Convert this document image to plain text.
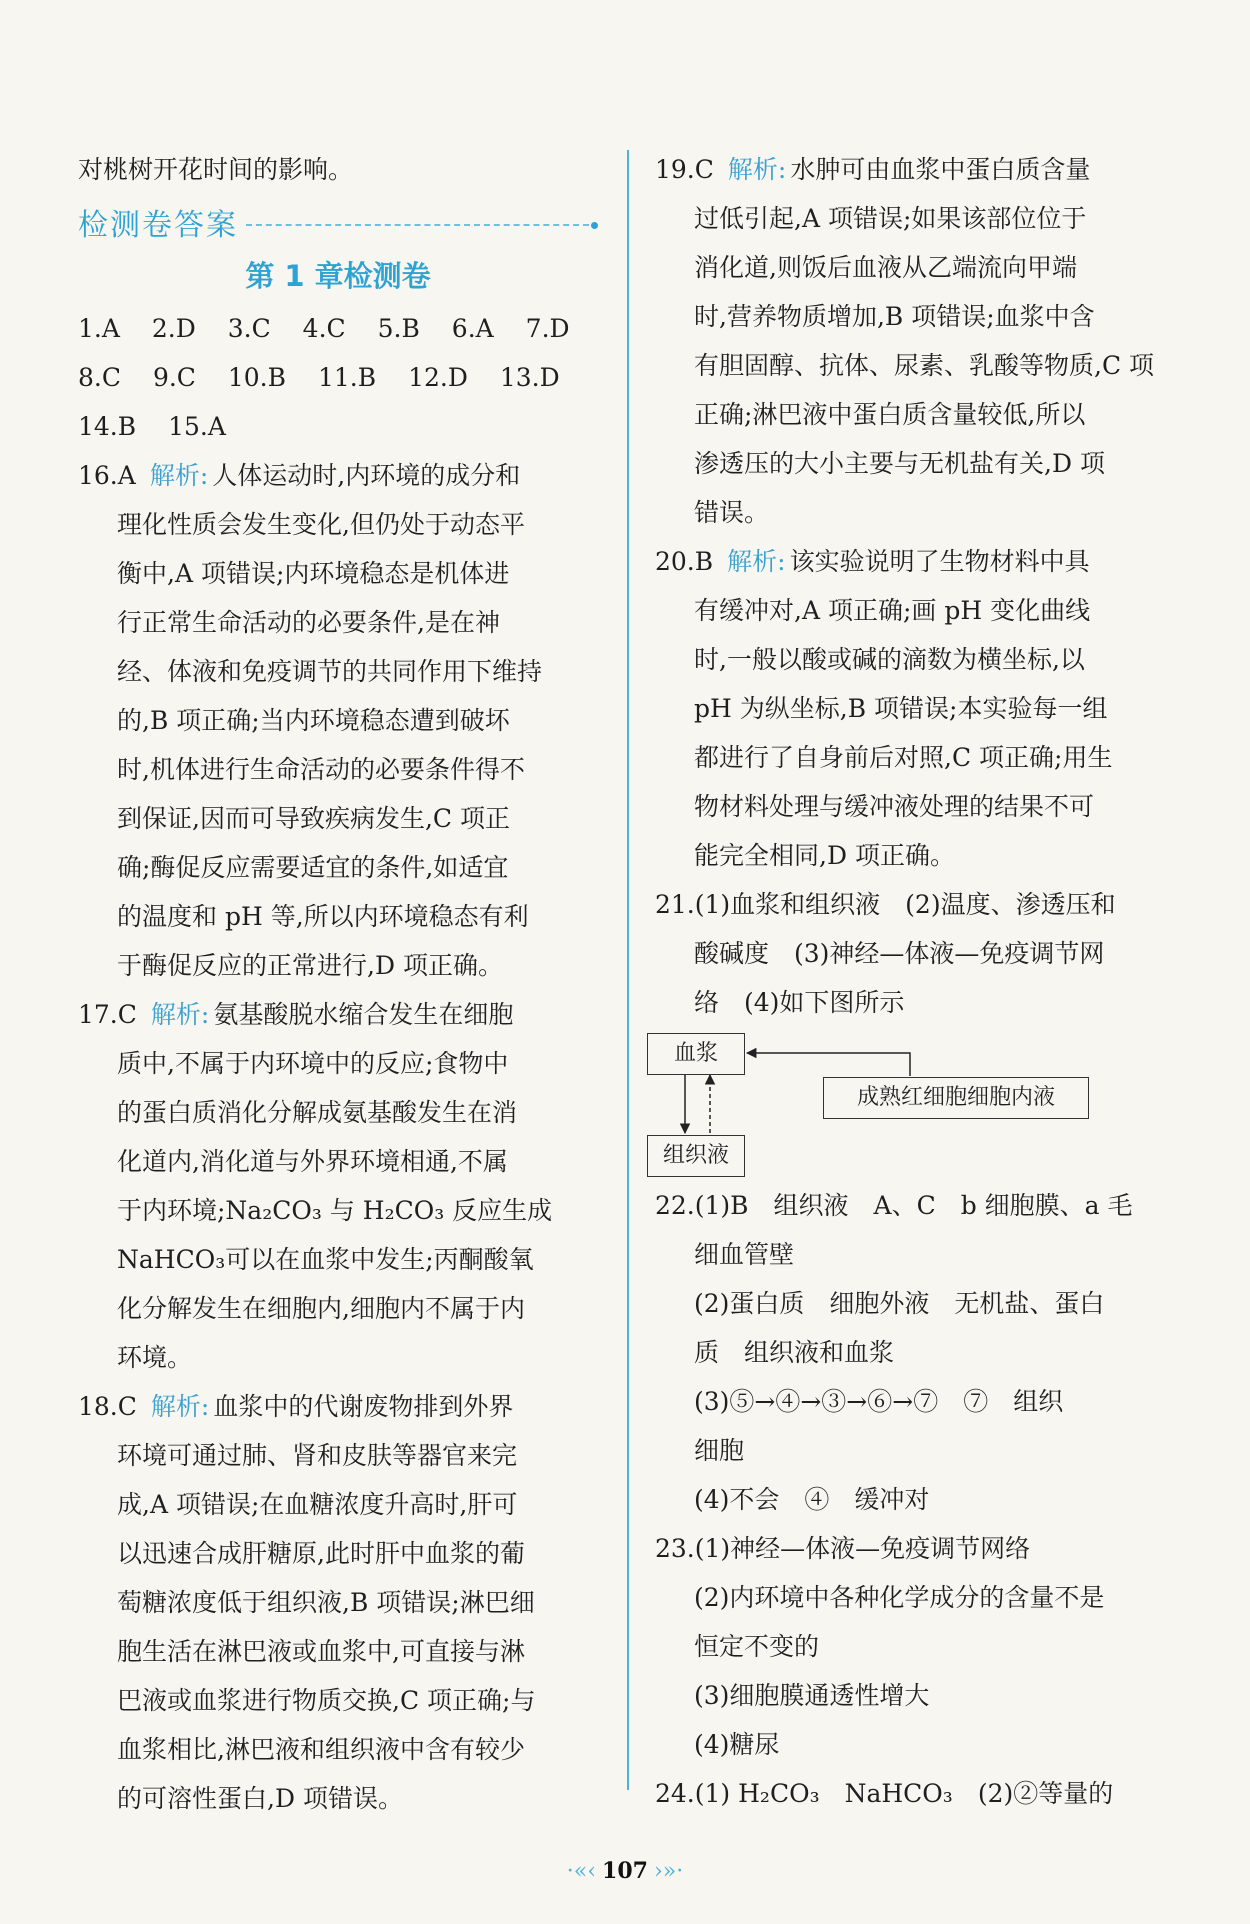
对桃树开花时间的影响。
检测卷答案
第 1 章检测卷
1.A 2.D 3.C 4.C 5.B 6.A 7.D
8.C 9.C 10.B 11.B 12.D 13.D
14.B 15.A
16.A 解析: 人体运动时,内环境的成分和
理化性质会发生变化,但仍处于动态平
衡中,A 项错误;内环境稳态是机体进
行正常生命活动的必要条件,是在神
经、体液和免疫调节的共同作用下维持
的,B 项正确;当内环境稳态遭到破坏
时,机体进行生命活动的必要条件得不
到保证,因而可导致疾病发生,C 项正
确;酶促反应需要适宜的条件,如适宜
的温度和 pH 等,所以内环境稳态有利
于酶促反应的正常进行,D 项正确。
17.C 解析: 氨基酸脱水缩合发生在细胞
质中,不属于内环境中的反应;食物中
的蛋白质消化分解成氨基酸发生在消
化道内,消化道与外界环境相通,不属
于内环境;Na₂CO₃ 与 H₂CO₃ 反应生成
NaHCO₃可以在血浆中发生;丙酮酸氧
化分解发生在细胞内,细胞内不属于内
环境。
18.C 解析: 血浆中的代谢废物排到外界
环境可通过肺、肾和皮肤等器官来完
成,A 项错误;在血糖浓度升高时,肝可
以迅速合成肝糖原,此时肝中血浆的葡
萄糖浓度低于组织液,B 项错误;淋巴细
胞生活在淋巴液或血浆中,可直接与淋
巴液或血浆进行物质交换,C 项正确;与
血浆相比,淋巴液和组织液中含有较少
的可溶性蛋白,D 项错误。
19.C 解析: 水肿可由血浆中蛋白质含量
过低引起,A 项错误;如果该部位位于
消化道,则饭后血液从乙端流向甲端
时,营养物质增加,B 项错误;血浆中含
有胆固醇、抗体、尿素、乳酸等物质,C 项
正确;淋巴液中蛋白质含量较低,所以
渗透压的大小主要与无机盐有关,D 项
错误。
20.B 解析: 该实验说明了生物材料中具
有缓冲对,A 项正确;画 pH 变化曲线
时,一般以酸或碱的滴数为横坐标,以
pH 为纵坐标,B 项错误;本实验每一组
都进行了自身前后对照,C 项正确;用生
物材料处理与缓冲液处理的结果不可
能完全相同,D 项正确。
21.(1)血浆和组织液　(2)温度、渗透压和
酸碱度　(3)神经—体液—免疫调节网
络　(4)如下图所示
血浆
组织液
成熟红细胞细胞内液
22.(1)B　组织液　A、C　b 细胞膜、a 毛
细血管壁
(2)蛋白质　细胞外液　无机盐、蛋白
质　组织液和血浆
(3)⑤→④→③→⑥→⑦　⑦　组织
细胞
(4)不会　④　缓冲对
23.(1)神经—体液—免疫调节网络
(2)内环境中各种化学成分的含量不是
恒定不变的
(3)细胞膜通透性增大
(4)糖尿
24.(1) H₂CO₃　NaHCO₃　(2)②等量的
·«‹ 107 ›»·
